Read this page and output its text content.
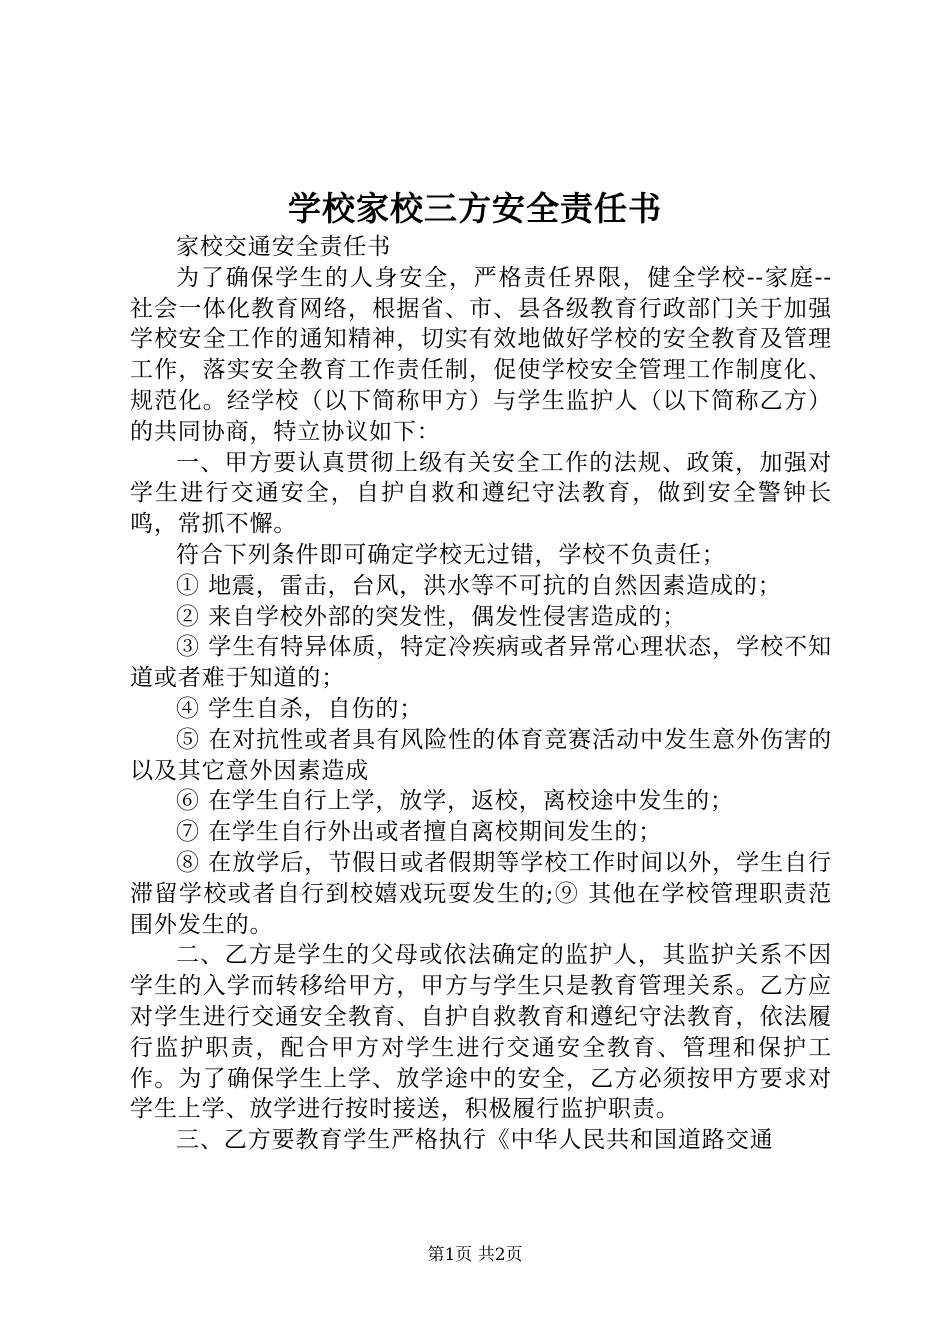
学校家校三方安全责任书

家校交通安全责任书

为了确保学生的人身安全，严格责任界限，健全学校--家庭--社会一体化教育网络，根据省、市、县各级教育行政部门关于加强学校安全工作的通知精神，切实有效地做好学校的安全教育及管理工作，落实安全教育工作责任制，促使学校安全管理工作制度化、规范化。经学校（以下简称甲方）与学生监护人（以下简称乙方）的共同协商，特立协议如下：

一、甲方要认真贯彻上级有关安全工作的法规、政策，加强对学生进行交通安全，自护自救和遵纪守法教育，做到安全警钟长鸣，常抓不懈。

符合下列条件即可确定学校无过错，学校不负责任；

① 地震，雷击，台风，洪水等不可抗的自然因素造成的；

② 来自学校外部的突发性，偶发性侵害造成的；

③ 学生有特异体质，特定冷疾病或者异常心理状态，学校不知道或者难于知道的；

④ 学生自杀，自伤的；

⑤ 在对抗性或者具有风险性的体育竞赛活动中发生意外伤害的以及其它意外因素造成

⑥ 在学生自行上学，放学，返校，离校途中发生的；

⑦ 在学生自行外出或者擅自离校期间发生的；

⑧ 在放学后，节假日或者假期等学校工作时间以外，学生自行滞留学校或者自行到校嬉戏玩耍发生的;⑨ 其他在学校管理职责范围外发生的。

二、乙方是学生的父母或依法确定的监护人，其监护关系不因学生的入学而转移给甲方，甲方与学生只是教育管理关系。乙方应对学生进行交通安全教育、自护自救教育和遵纪守法教育，依法履行监护职责，配合甲方对学生进行交通安全教育、管理和保护工作。为了确保学生上学、放学途中的安全，乙方必须按甲方要求对学生上学、放学进行按时接送，积极履行监护职责。

三、乙方要教育学生严格执行《中华人民共和国道路交通

第1页 共2页
